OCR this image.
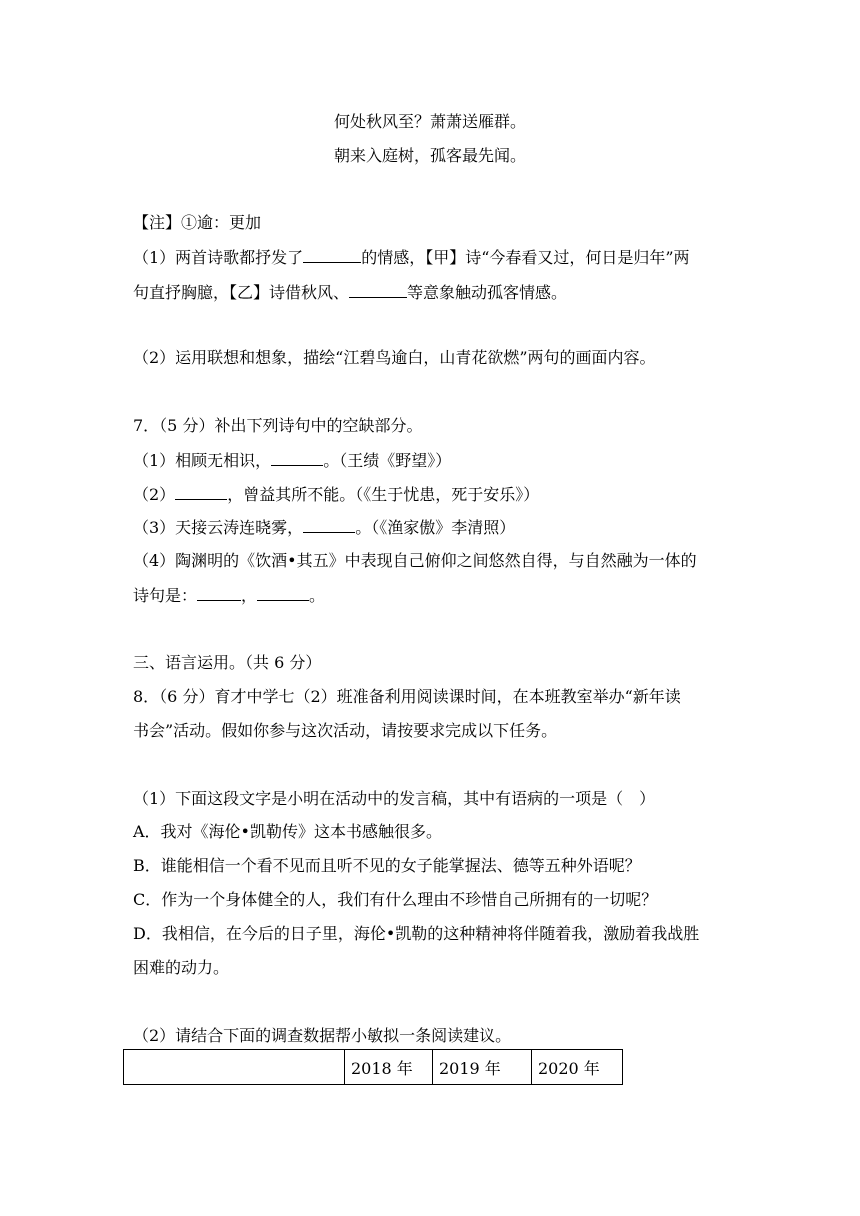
何处秋风至？萧萧送雁群。
朝来入庭树，孤客最先闻。
【注】①逾：更加
（1）两首诗歌都抒发了	的情感，【甲】诗“今春看又过，何日是归年”两
句直抒胸臆，【乙】诗借秋风、	等意象触动孤客情感。
（2）运用联想和想象，描绘“江碧鸟逾白，山青花欲燃”两句的画面内容。
7．（5 分）补出下列诗句中的空缺部分。
（1）相顾无相识，	。（王绩《野望》）
（2）	，曾益其所不能。（《生于忧患，死于安乐》）
（3）天接云涛连晓雾，	。（《渔家傲》李清照）
（4）陶渊明的《饮酒•其五》中表现自己俯仰之间悠然自得，与自然融为一体的
诗句是：	，	。
三、语言运用。（共 6 分）
8．（6 分）育才中学七（2）班准备利用阅读课时间，在本班教室举办“新年读
书会”活动。假如你参与这次活动，请按要求完成以下任务。
（1）下面这段文字是小明在活动中的发言稿，其中有语病的一项是（　）
A．我对《海伦•凯勒传》这本书感触很多。
B．谁能相信一个看不见而且听不见的女子能掌握法、德等五种外语呢？
C．作为一个身体健全的人，我们有什么理由不珍惜自己所拥有的一切呢？
D．我相信，在今后的日子里，海伦•凯勒的这种精神将伴随着我，激励着我战胜
困难的动力。
（2）请结合下面的调查数据帮小敏拟一条阅读建议。
	2018 年	2019 年	2020 年
